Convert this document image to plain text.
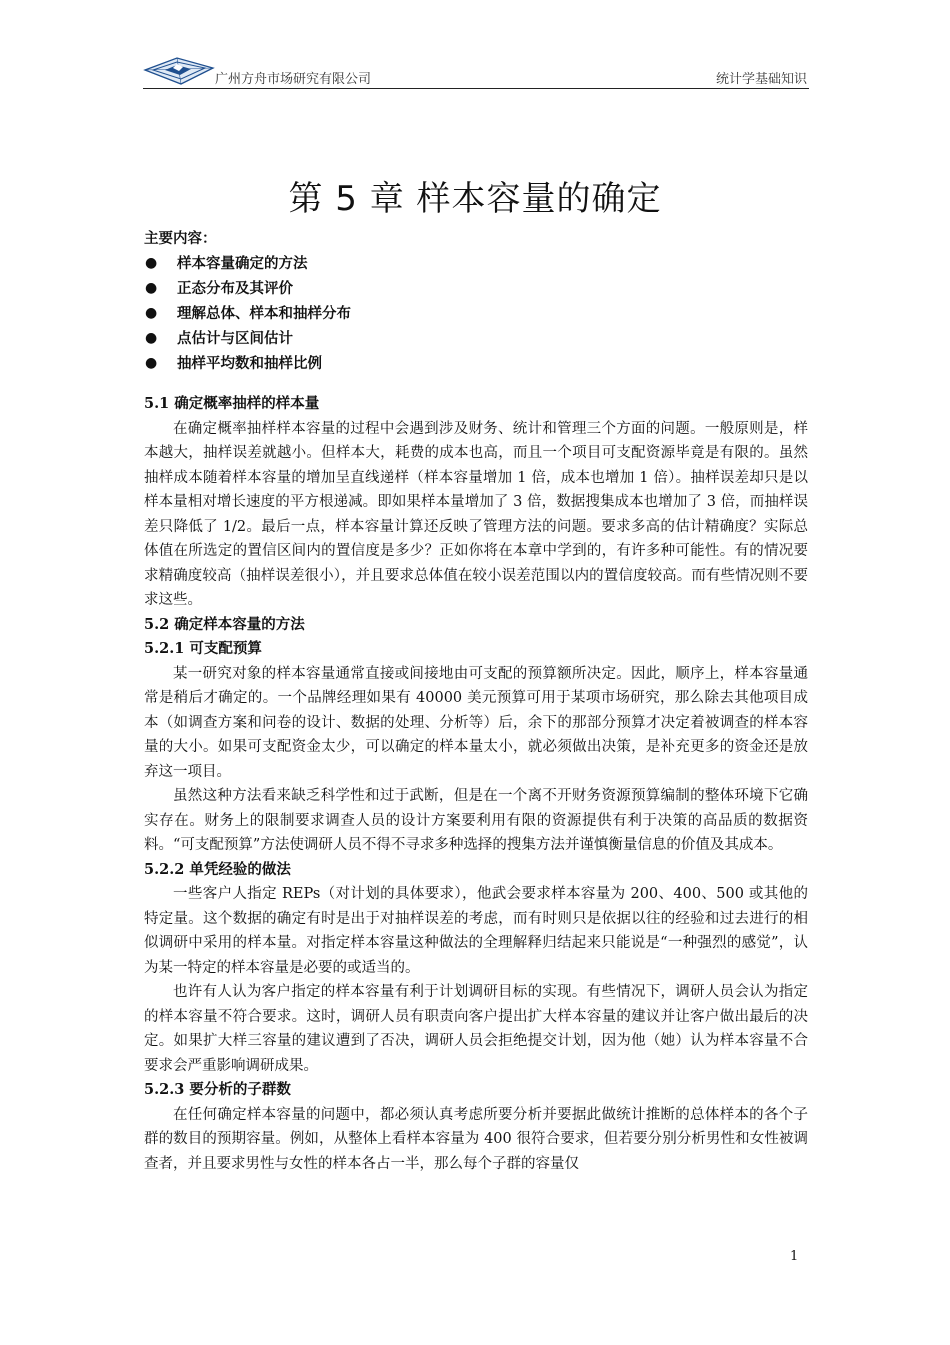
广州方舟市场研究有限公司	统计学基础知识
第 5 章 样本容量的确定
主要内容：
● 样本容量确定的方法
● 正态分布及其评价
● 理解总体、样本和抽样分布
● 点估计与区间估计
● 抽样平均数和抽样比例
5.1 确定概率抽样的样本量

在确定概率抽样样本容量的过程中会遇到涉及财务、统计和管理三个方面的问题。一般原则是，样本越大，抽样误差就越小。但样本大，耗费的成本也高，而且一个项目可支配资源毕竟是有限的。虽然抽样成本随着样本容量的增加呈直线递样（样本容量增加 1 倍，成本也增加 1 倍）。抽样误差却只是以样本量相对增长速度的平方根递减。即如果样本量增加了 3 倍，数据搜集成本也增加了 3 倍，而抽样误差只降低了 1/2。最后一点，样本容量计算还反映了管理方法的问题。要求多高的估计精确度？实际总体值在所选定的置信区间内的置信度是多少？正如你将在本章中学到的，有许多种可能性。有的情况要求精确度较高（抽样误差很小），并且要求总体值在较小误差范围以内的置信度较高。而有些情况则不要求这些。

5.2 确定样本容量的方法
5.2.1 可支配预算

某一研究对象的样本容量通常直接或间接地由可支配的预算额所决定。因此，顺序上，样本容量通常是稍后才确定的。一个品牌经理如果有 40000 美元预算可用于某项市场研究，那么除去其他项目成本（如调查方案和问卷的设计、数据的处理、分析等）后，余下的那部分预算才决定着被调查的样本容量的大小。如果可支配资金太少，可以确定的样本量太小，就必须做出决策，是补充更多的资金还是放弃这一项目。

虽然这种方法看来缺乏科学性和过于武断，但是在一个离不开财务资源预算编制的整体环境下它确实存在。财务上的限制要求调查人员的设计方案要利用有限的资源提供有利于决策的高品质的数据资料。“可支配预算”方法使调研人员不得不寻求多种选择的搜集方法并谨慎衡量信息的价值及其成本。

5.2.2 单凭经验的做法

一些客户人指定 REPs（对计划的具体要求），他武会要求样本容量为 200、400、500 或其他的特定量。这个数据的确定有时是出于对抽样误差的考虑，而有时则只是依据以往的经验和过去进行的相似调研中采用的样本量。对指定样本容量这种做法的全理解释归结起来只能说是“一种强烈的感觉”，认为某一特定的样本容量是必要的或适当的。

也许有人认为客户指定的样本容量有利于计划调研目标的实现。有些情况下，调研人员会认为指定的样本容量不符合要求。这时，调研人员有职责向客户提出扩大样本容量的建议并让客户做出最后的决定。如果扩大样三容量的建议遭到了否决，调研人员会拒绝提交计划，因为他（她）认为样本容量不合要求会严重影响调研成果。

5.2.3 要分析的子群数

在任何确定样本容量的问题中，都必须认真考虑所要分析并要据此做统计推断的总体样本的各个子群的数目的预期容量。例如，从整体上看样本容量为 400 很符合要求，但若要分别分析男性和女性被调查者，并且要求男性与女性的样本各占一半，那么每个子群的容量仅

1
